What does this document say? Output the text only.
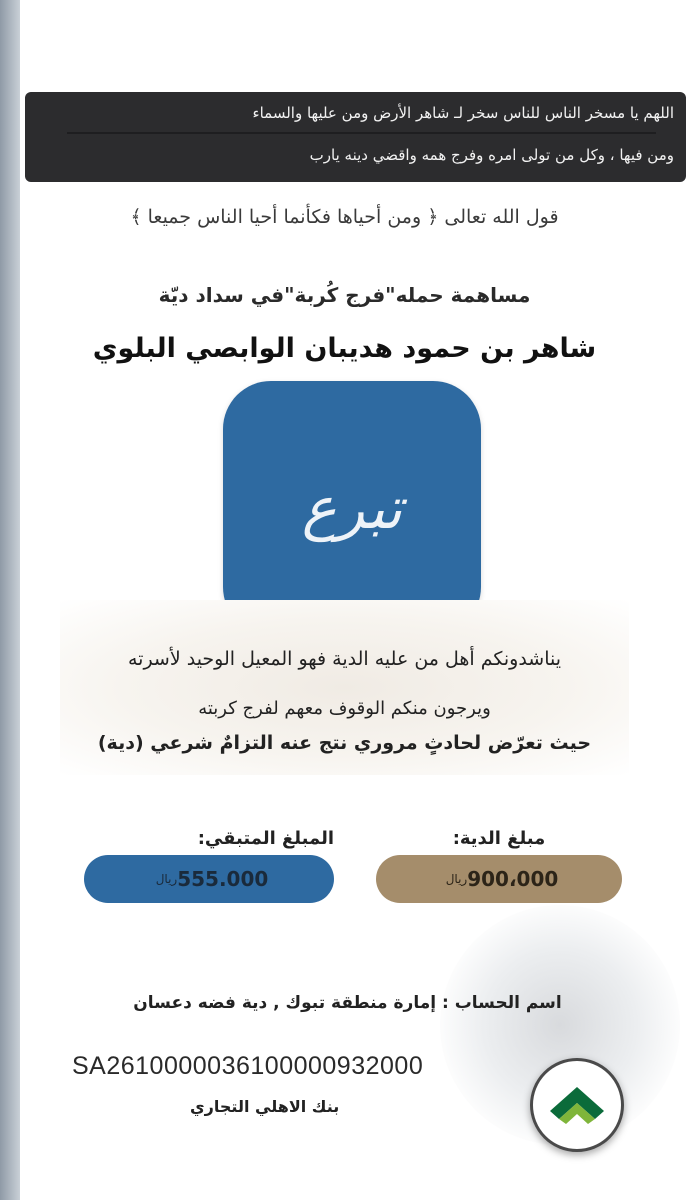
اللهم يا مسخر الناس للناس سخر لـ شاهر الأرض ومن عليها والسماء
ومن فيها ، وكل من تولى امره وفرج همه واقضي دينه يارب
قول الله تعالى ﴿ ومن أحياها فكأنما أحيا الناس جميعا ﴾
مساهمة حمله"فرج كُربة"في سداد ديّة
شاهر بن حمود هديبان الوابصي البلوي
تبرع
يناشدونكم أهل من عليه الدية فهو المعيل الوحيد لأسرته
ويرجون منكم الوقوف معهم لفرج كربته
حيث تعرّض لحادثٍ مروري نتج عنه التزامٌ شرعي (دية)
المبلغ المتبقي:	مبلغ الدية:
ريال 555.000	ريال 900،000
اسم الحساب : إمارة منطقة تبوك , دية فضه دعسان
SA2610000036100000932000
بنك الاهلي التجاري
